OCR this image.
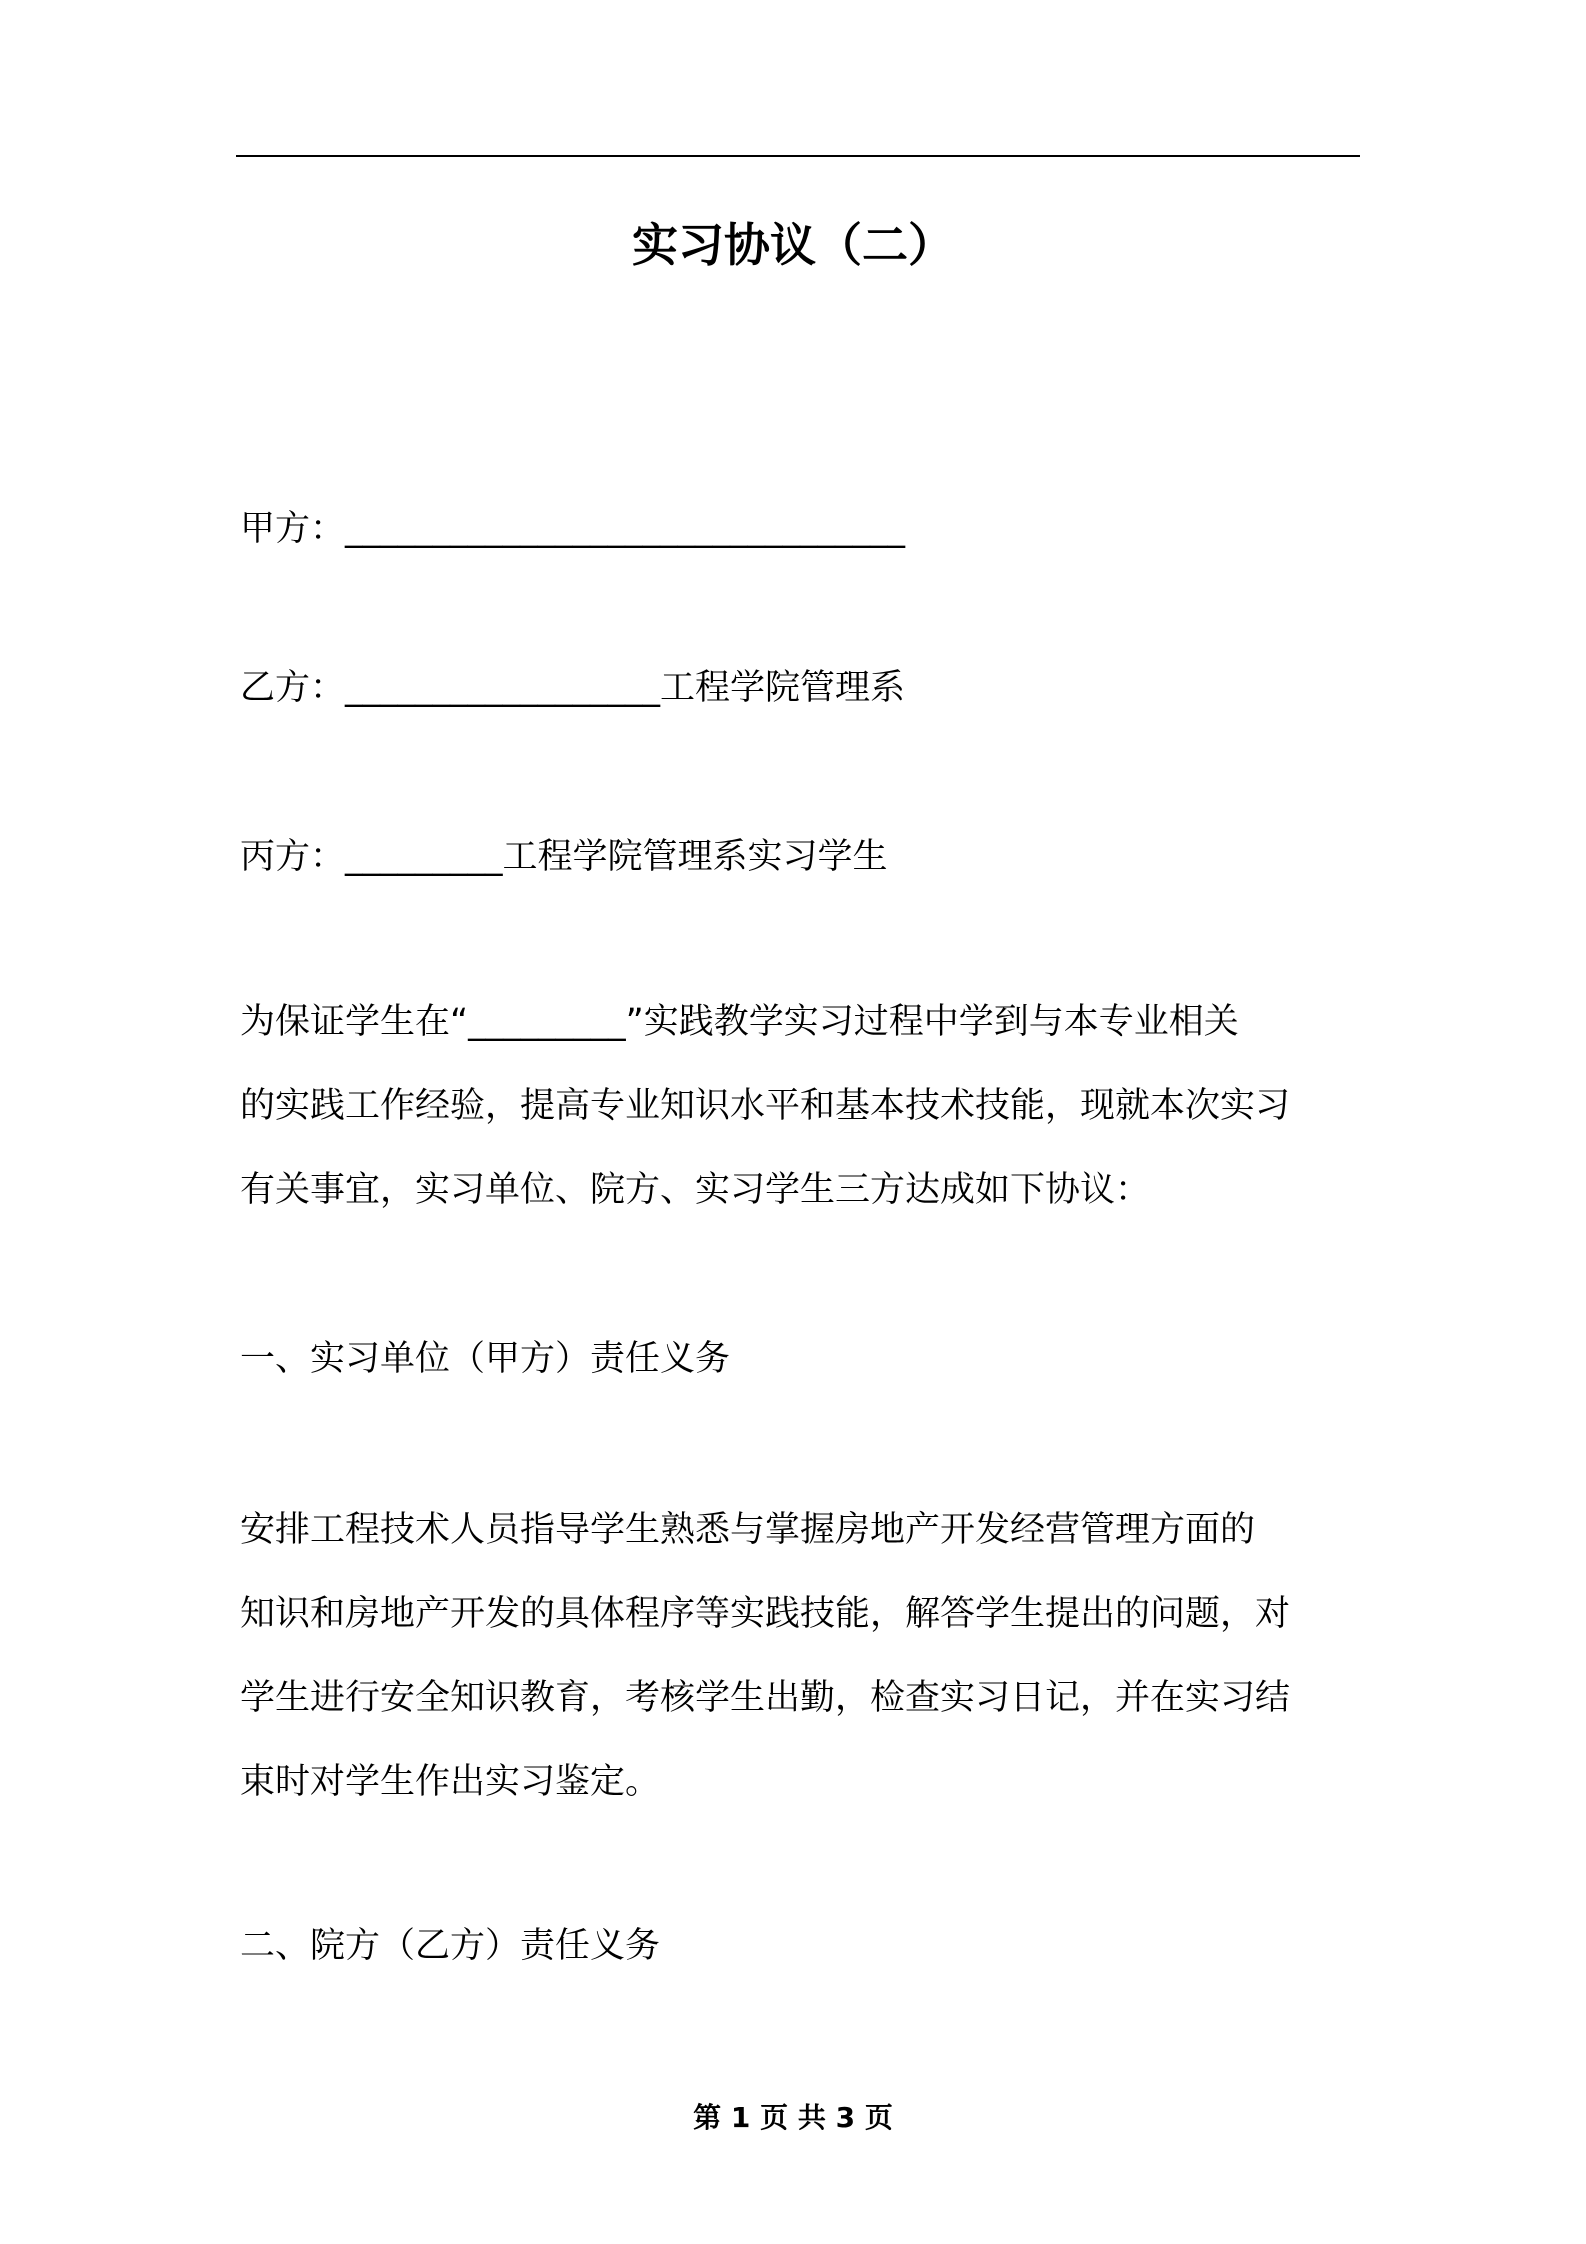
实习协议（二）
甲方：________________________________
乙方：__________________工程学院管理系
丙方：_________工程学院管理系实习学生
为保证学生在“_________”实践教学实习过程中学到与本专业相关
的实践工作经验，提高专业知识水平和基本技术技能，现就本次实习
有关事宜，实习单位、院方、实习学生三方达成如下协议：
一、实习单位（甲方）责任义务
安排工程技术人员指导学生熟悉与掌握房地产开发经营管理方面的
知识和房地产开发的具体程序等实践技能，解答学生提出的问题，对
学生进行安全知识教育，考核学生出勤，检查实习日记，并在实习结
束时对学生作出实习鉴定。
二、院方（乙方）责任义务
第 1 页 共 3 页
